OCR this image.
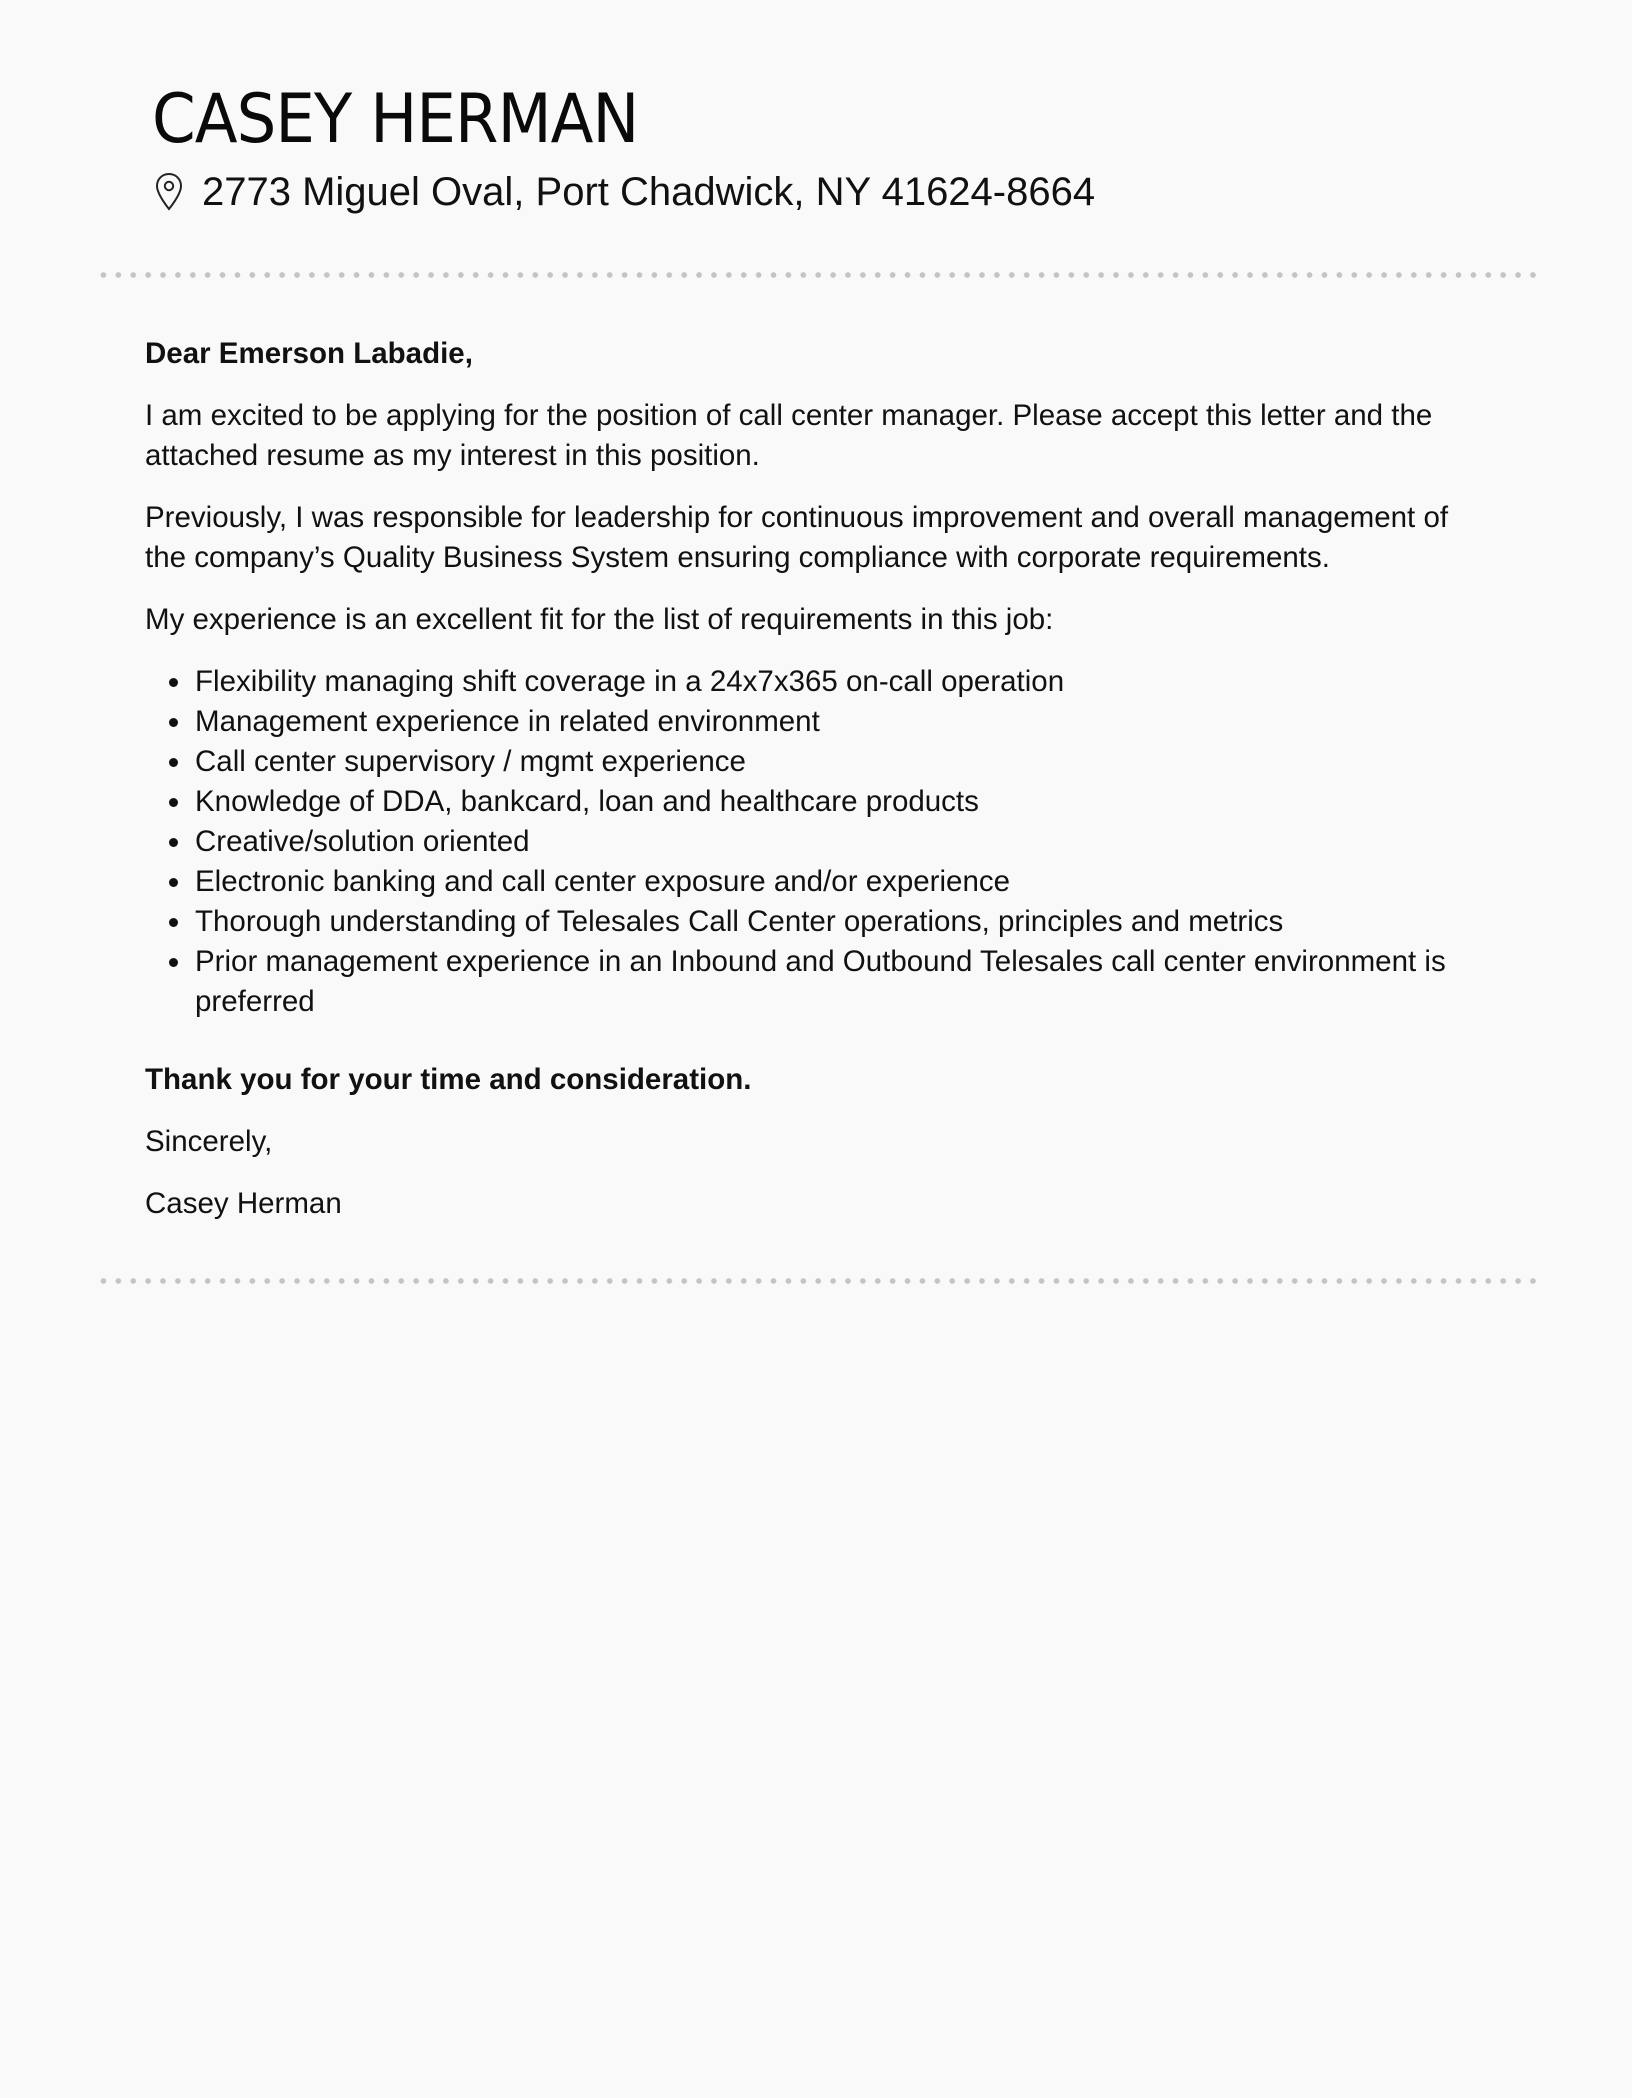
CASEY HERMAN
2773 Miguel Oval, Port Chadwick, NY 41624-8664

Dear Emerson Labadie,

I am excited to be applying for the position of call center manager. Please accept this letter and the attached resume as my interest in this position.

Previously, I was responsible for leadership for continuous improvement and overall management of the company’s Quality Business System ensuring compliance with corporate requirements.

My experience is an excellent fit for the list of requirements in this job:

• Flexibility managing shift coverage in a 24x7x365 on-call operation
• Management experience in related environment
• Call center supervisory / mgmt experience
• Knowledge of DDA, bankcard, loan and healthcare products
• Creative/solution oriented
• Electronic banking and call center exposure and/or experience
• Thorough understanding of Telesales Call Center operations, principles and metrics
• Prior management experience in an Inbound and Outbound Telesales call center environment is preferred

Thank you for your time and consideration.

Sincerely,

Casey Herman
